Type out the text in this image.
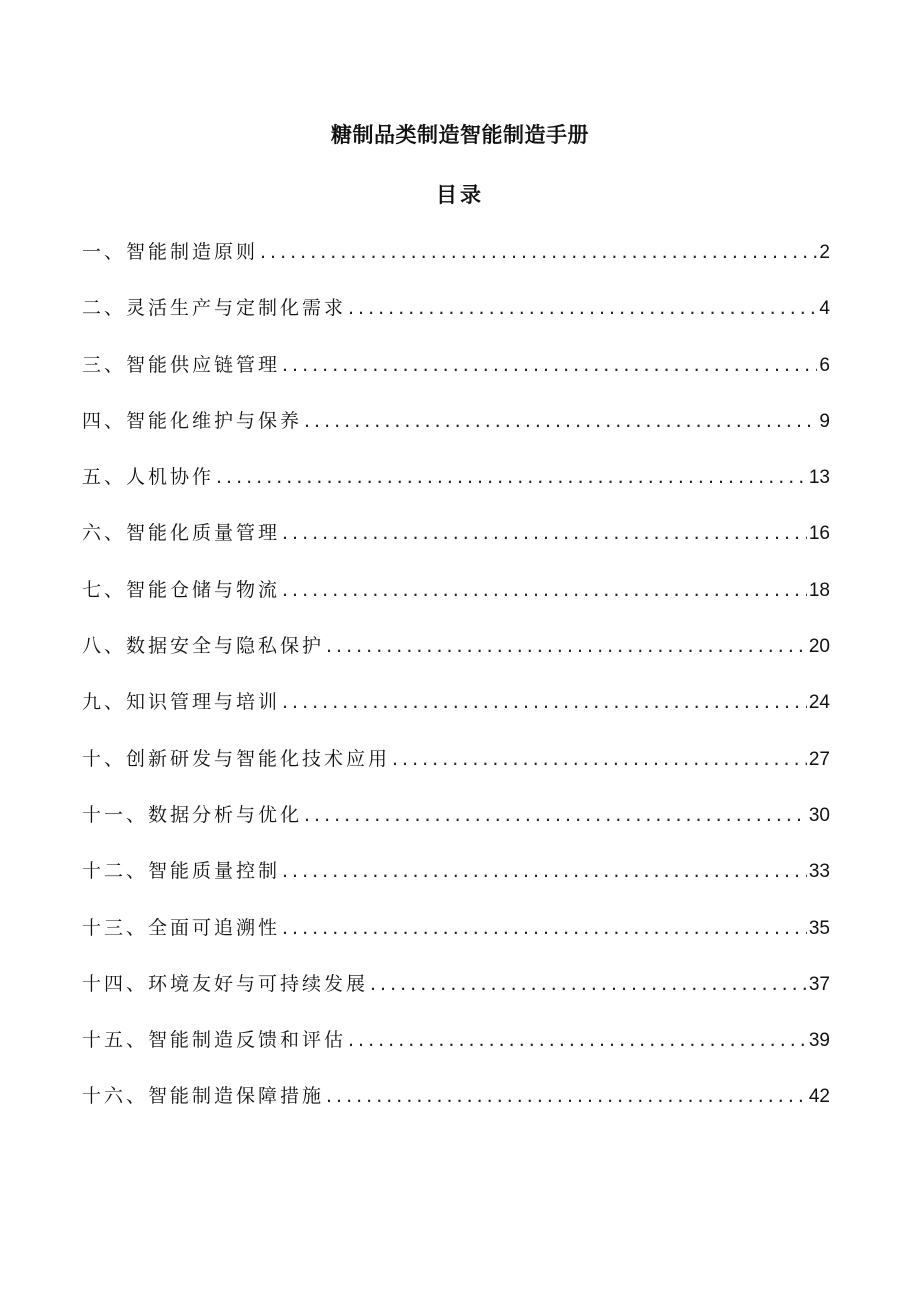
糖制品类制造智能制造手册
目录
一、智能制造原则 .....	2
二、灵活生产与定制化需求 .....	4
三、智能供应链管理 .....	6
四、智能化维护与保养 .....	9
五、人机协作 .....	13
六、智能化质量管理 .....	16
七、智能仓储与物流 .....	18
八、数据安全与隐私保护 .....	20
九、知识管理与培训 .....	24
十、创新研发与智能化技术应用 .....	27
十一、数据分析与优化 .....	30
十二、智能质量控制 .....	33
十三、全面可追溯性 .....	35
十四、环境友好与可持续发展 .....	37
十五、智能制造反馈和评估 .....	39
十六、智能制造保障措施 .....	42
